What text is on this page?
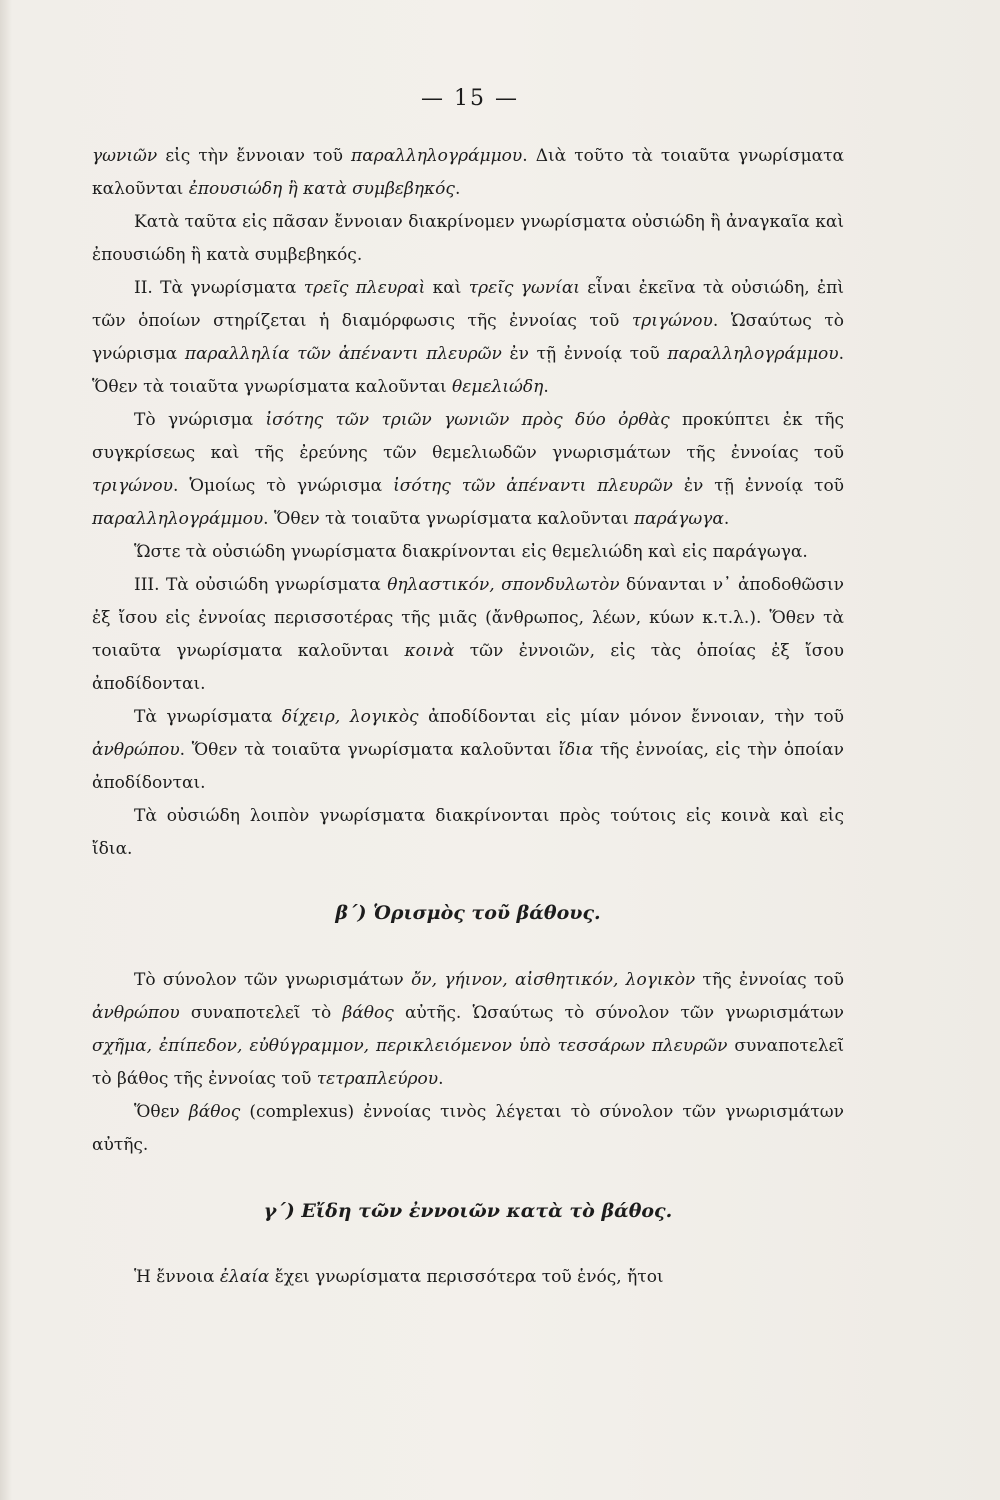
— 15 —

γωνιῶν εἰς τὴν ἔννοιαν τοῦ παραλληλογράμμου. Διὰ τοῦτο τὰ τοιαῦτα γνωρίσματα καλοῦνται ἐπουσιώδη ἢ κατὰ συμβεβηκός.

Κατὰ ταῦτα εἰς πᾶσαν ἔννοιαν διακρίνομεν γνωρίσματα οὐσιώδη ἢ ἀναγκαῖα καὶ ἐπουσιώδη ἢ κατὰ συμβεβηκός.

ΙΙ. Τὰ γνωρίσματα τρεῖς πλευραὶ καὶ τρεῖς γωνίαι εἶναι ἐκεῖνα τὰ οὐσιώδη, ἐπὶ τῶν ὁποίων στηρίζεται ἡ διαμόρφωσις τῆς ἐννοίας τοῦ τριγώνου. Ὡσαύτως τὸ γνώρισμα παραλληλία τῶν ἀπέναντι πλευρῶν ἐν τῇ ἐννοίᾳ τοῦ παραλληλογράμμου. Ὅθεν τὰ τοιαῦτα γνωρίσματα καλοῦνται θεμελιώδη.

Τὸ γνώρισμα ἰσότης τῶν τριῶν γωνιῶν πρὸς δύο ὀρθὰς προκύπτει ἐκ τῆς συγκρίσεως καὶ τῆς ἐρεύνης τῶν θεμελιωδῶν γνωρισμάτων τῆς ἐννοίας τοῦ τριγώνου. Ὁμοίως τὸ γνώρισμα ἰσότης τῶν ἀπέναντι πλευρῶν ἐν τῇ ἐννοίᾳ τοῦ παραλληλογράμμου. Ὅθεν τὰ τοιαῦτα γνωρίσματα καλοῦνται παράγωγα.

Ὥστε τὰ οὐσιώδη γνωρίσματα διακρίνονται εἰς θεμελιώδη καὶ εἰς παράγωγα.

ΙΙΙ. Τὰ οὐσιώδη γνωρίσματα θηλαστικόν, σπονδυλωτὸν δύνανται ν᾿ ἀποδοθῶσιν ἐξ ἴσου εἰς ἐννοίας περισσοτέρας τῆς μιᾶς (ἄνθρωπος, λέων, κύων κ.τ.λ.). Ὅθεν τὰ τοιαῦτα γνωρίσματα καλοῦνται κοινὰ τῶν ἐννοιῶν, εἰς τὰς ὁποίας ἐξ ἴσου ἀποδίδονται.

Τὰ γνωρίσματα δίχειρ, λογικὸς ἀποδίδονται εἰς μίαν μόνον ἔννοιαν, τὴν τοῦ ἀνθρώπου. Ὅθεν τὰ τοιαῦτα γνωρίσματα καλοῦνται ἴδια τῆς ἐννοίας, εἰς τὴν ὁποίαν ἀποδίδονται.

Τὰ οὐσιώδη λοιπὸν γνωρίσματα διακρίνονται πρὸς τούτοις εἰς κοινὰ καὶ εἰς ἴδια.

β΄) Ὁρισμὸς τοῦ βάθους.

Τὸ σύνολον τῶν γνωρισμάτων ὄν, γήινον, αἰσθητικόν, λογικὸν τῆς ἐννοίας τοῦ ἀνθρώπου συναποτελεῖ τὸ βάθος αὐτῆς. Ὡσαύτως τὸ σύνολον τῶν γνωρισμάτων σχῆμα, ἐπίπεδον, εὐθύγραμμον, περικλειόμενον ὑπὸ τεσσάρων πλευρῶν συναποτελεῖ τὸ βάθος τῆς ἐννοίας τοῦ τετραπλεύρου.

Ὅθεν βάθος (complexus) ἐννοίας τινὸς λέγεται τὸ σύνολον τῶν γνωρισμάτων αὐτῆς.

γ΄) Εἴδη τῶν ἐννοιῶν κατὰ τὸ βάθος.

Ἡ ἔννοια ἐλαία ἔχει γνωρίσματα περισσότερα τοῦ ἑνός, ἤτοι
